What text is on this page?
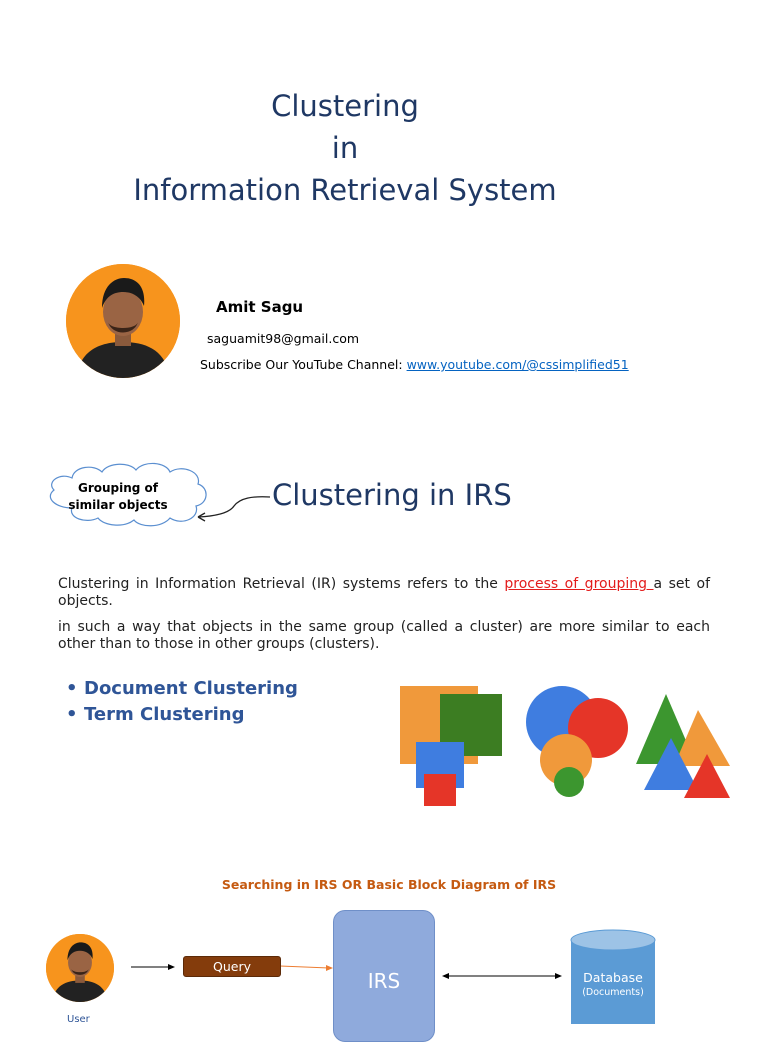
Clustering
in
Information Retrieval System
Amit Sagu
saguamit98@gmail.com
Subscribe Our YouTube Channel: www.youtube.com/@cssimplified51
Grouping of
similar objects	Clustering in IRS
Clustering in Information Retrieval (IR) systems refers to the process of grouping a set of objects.
in such a way that objects in the same group (called a cluster) are more similar to each other than to those in other groups (clusters).
• Document Clustering
• Term Clustering
Searching in IRS OR Basic Block Diagram of IRS
User
Query
IRS	Database
(Documents)
